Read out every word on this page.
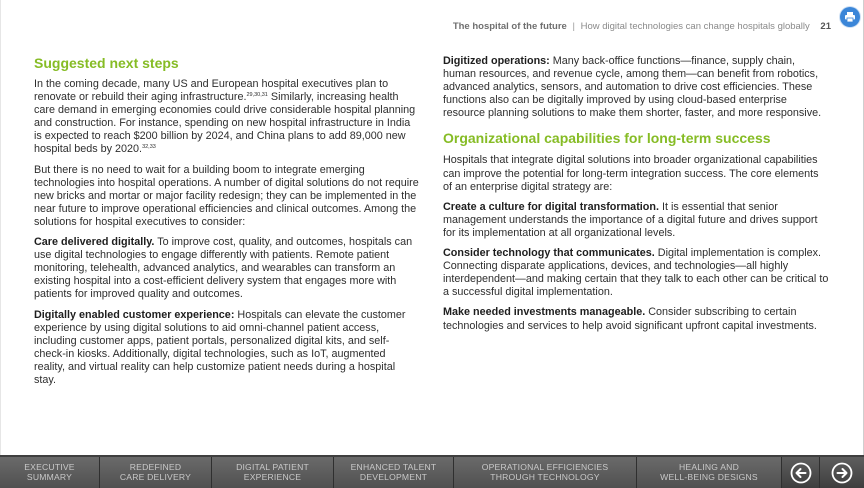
The hospital of the future | How digital technologies can change hospitals globally 21
Suggested next steps

In the coming decade, many US and European hospital executives plan to renovate or rebuild their aging infrastructure.$^{29,30,31}$ Similarly, increasing health care demand in emerging economies could drive considerable hospital planning and construction. For instance, spending on new hospital infrastructure in India is expected to reach $200 billion by 2024, and China plans to add 89,000 new hospital beds by 2020.$^{32,33}$

But there is no need to wait for a building boom to integrate emerging technologies into hospital operations. A number of digital solutions do not require new bricks and mortar or major facility redesign; they can be implemented in the near future to improve operational efficiencies and clinical outcomes. Among the solutions for hospital executives to consider:

Care delivered digitally. To improve cost, quality, and outcomes, hospitals can use digital technologies to engage differently with patients. Remote patient monitoring, telehealth, advanced analytics, and wearables can transform an existing hospital into a cost-efficient delivery system that engages more with patients for improved quality and outcomes.

Digitally enabled customer experience: Hospitals can elevate the customer experience by using digital solutions to aid omni-channel patient access, including customer apps, patient portals, personalized digital kits, and self-check-in kiosks. Additionally, digital technologies, such as IoT, augmented reality, and virtual reality can help customize patient needs during a hospital stay.

Digitized operations: Many back-office functions—finance, supply chain, human resources, and revenue cycle, among them—can benefit from robotics, advanced analytics, sensors, and automation to drive cost efficiencies. These functions also can be digitally improved by using cloud-based enterprise resource planning solutions to make them shorter, faster, and more responsive.

Organizational capabilities for long-term success

Hospitals that integrate digital solutions into broader organizational capabilities can improve the potential for long-term integration success. The core elements of an enterprise digital strategy are:

Create a culture for digital transformation. It is essential that senior management understands the importance of a digital future and drives support for its implementation at all organizational levels.

Consider technology that communicates. Digital implementation is complex. Connecting disparate applications, devices, and technologies—all highly interdependent—and making certain that they talk to each other can be critical to a successful digital implementation.

Make needed investments manageable. Consider subscribing to certain technologies and services to help avoid significant upfront capital investments.

EXECUTIVE
SUMMARY
REDEFINED
CARE DELIVERY
DIGITAL PATIENT
EXPERIENCE
ENHANCED TALENT
DEVELOPMENT
OPERATIONAL EFFICIENCIES
THROUGH TECHNOLOGY
HEALING AND
WELL-BEING DESIGNS
